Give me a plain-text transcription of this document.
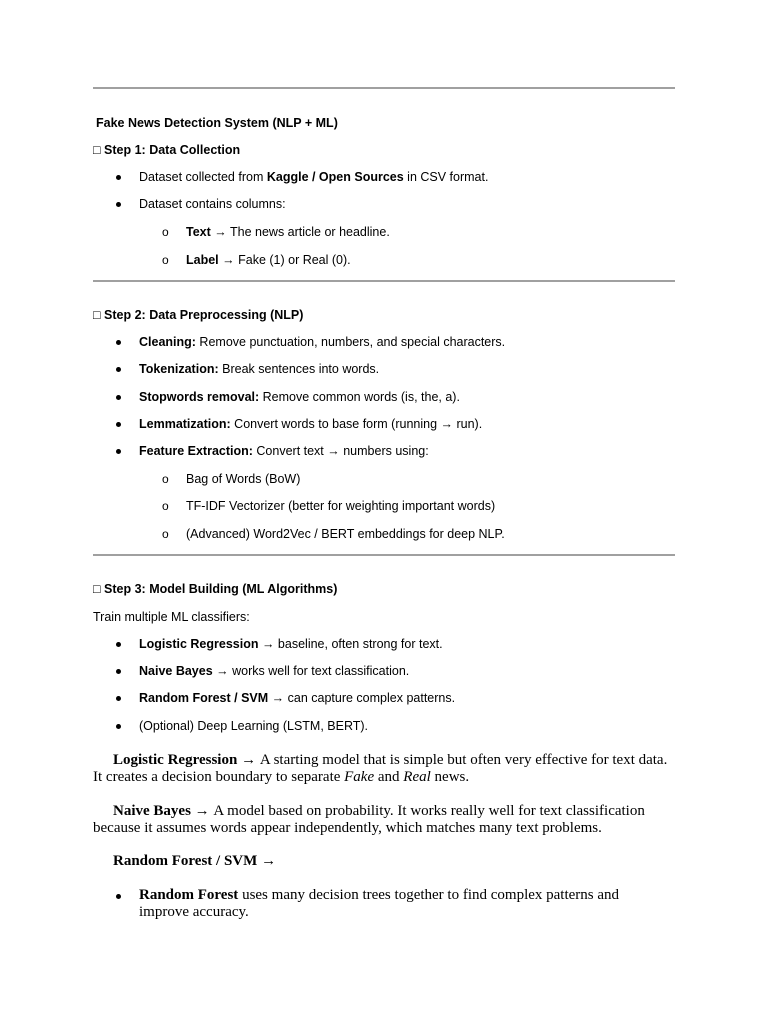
Fake News Detection System (NLP + ML)
□ Step 1: Data Collection
Dataset collected from Kaggle / Open Sources in CSV format.
Dataset contains columns:
o Text → The news article or headline.
o Label → Fake (1) or Real (0).
□ Step 2: Data Preprocessing (NLP)
Cleaning: Remove punctuation, numbers, and special characters.
Tokenization: Break sentences into words.
Stopwords removal: Remove common words (is, the, a).
Lemmatization: Convert words to base form (running → run).
Feature Extraction: Convert text → numbers using:
o Bag of Words (BoW)
o TF-IDF Vectorizer (better for weighting important words)
o (Advanced) Word2Vec / BERT embeddings for deep NLP.
□ Step 3: Model Building (ML Algorithms)
Train multiple ML classifiers:
Logistic Regression → baseline, often strong for text.
Naive Bayes → works well for text classification.
Random Forest / SVM → can capture complex patterns.
(Optional) Deep Learning (LSTM, BERT).
Logistic Regression → A starting model that is simple but often very effective for text data. It creates a decision boundary to separate Fake and Real news.
Naive Bayes → A model based on probability. It works really well for text classification because it assumes words appear independently, which matches many text problems.
Random Forest / SVM →
Random Forest uses many decision trees together to find complex patterns and improve accuracy.
